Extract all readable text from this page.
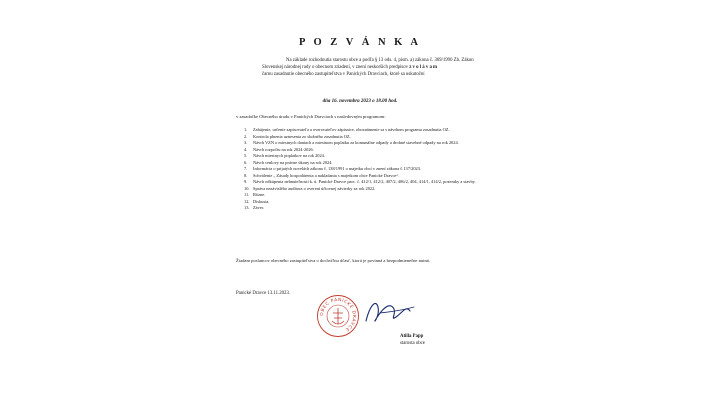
P O Z V Á N K A
Na základe rozhodnutia starostu obce a podľa § 13 ods. 4, písm. a) zákona č. 369/1990 Zb. Zákon
Slovenskej národnej rady o obecnom zriadení, v znení neskorších predpisov z v o l á v a m
čarnu zasadnutie obecného zastupiteľstva v Panických Dravciach, ktoré sa uskutoční
dňa 16. novembra 2023 o 18.00 hod.
v zasadačke Obecného úradu v Panických Dravciach s nasledovným programom:
1.	Zahájenie, určenie zapisovateľa a overovateľov zápisnice, oboznámenie sa s návrhom programu zasadnutia OZ.
2.	Kontrola plnenia uznesenia zo služného zasadnutia OZ.
3.	Návrh VZN o miestnych daniach a miestnom poplatku za komunálne odpady a drobné stavebné odpady na rok 2024.
4.	Návrh rozpočtu na rok 2024-2026.
5.	Návrh miestnych poplatkov na rok 2024.
6.	Návrh cenlovy na právne úkony na rok 2024.
7.	Informácia o prijatých novelách zákona č. 138/1991 o majetku obcí v znení zákona č.137/2023.
8.	Schválenie „ Zásady hospodárenia a nakladania s majetkom obce Panické Dravce“.
9.	Návrh odkúpenia nehnuteľností k. ú. Panické Dravce parc. č. 412/1, 412/2, 407/2, 406/2, 404, 414/1, 414/2, pozemky a stavby.
10. Správa nezávislého audítora o overení účtovnej závierky za rok 2022.
11. Rôzne.
12. Diskusia.
13. Záver.
Žiadam poslancov obecného zastupiteľstva o dochvíľnu účasť, ktorá je povinná a bezpodmienečne nutná.
Panické Dravce 13.11.2023.
OBEC PANICKÉ DRAVCE
Atilla Papp
starosta obce
